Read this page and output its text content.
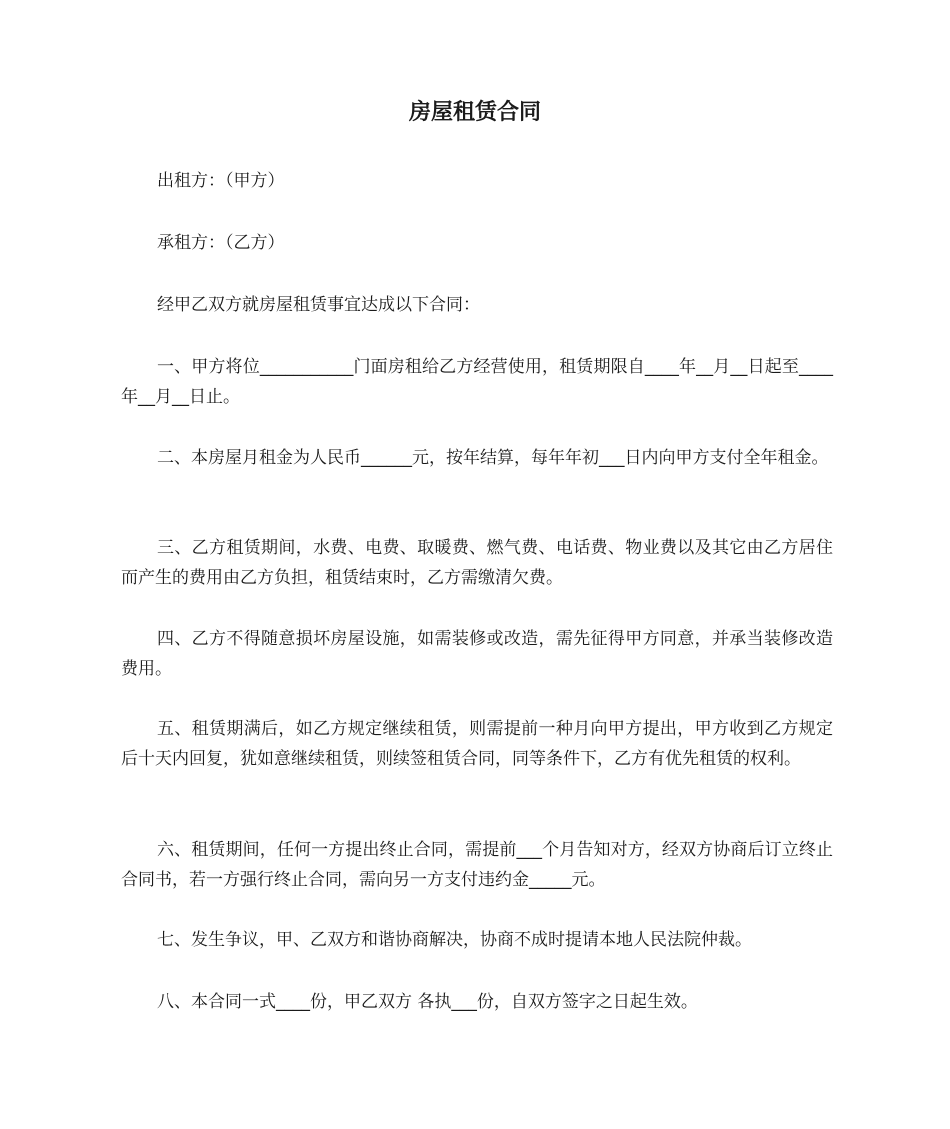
房屋租赁合同

出租方：（甲方）

承租方：（乙方）

经甲乙双方就房屋租赁事宜达成以下合同：

一、甲方将位___________门面房租给乙方经营使用，租赁期限自____年__月__日起至____年__月__日止。

二、本房屋月租金为人民币______元，按年结算，每年年初___日内向甲方支付全年租金。

三、乙方租赁期间，水费、电费、取暖费、燃气费、电话费、物业费以及其它由乙方居住而产生的费用由乙方负担，租赁结束时，乙方需缴清欠费。

四、乙方不得随意损坏房屋设施，如需装修或改造，需先征得甲方同意，并承当装修改造费用。

五、租赁期满后，如乙方规定继续租赁，则需提前一种月向甲方提出，甲方收到乙方规定后十天内回复，犹如意继续租赁，则续签租赁合同，同等条件下，乙方有优先租赁的权利。

六、租赁期间，任何一方提出终止合同，需提前___个月告知对方，经双方协商后订立终止合同书，若一方强行终止合同，需向另一方支付违约金_____元。

七、发生争议，甲、乙双方和谐协商解决，协商不成时提请本地人民法院仲裁。

八、本合同一式____份，甲乙双方 各执___份，自双方签字之日起生效。
